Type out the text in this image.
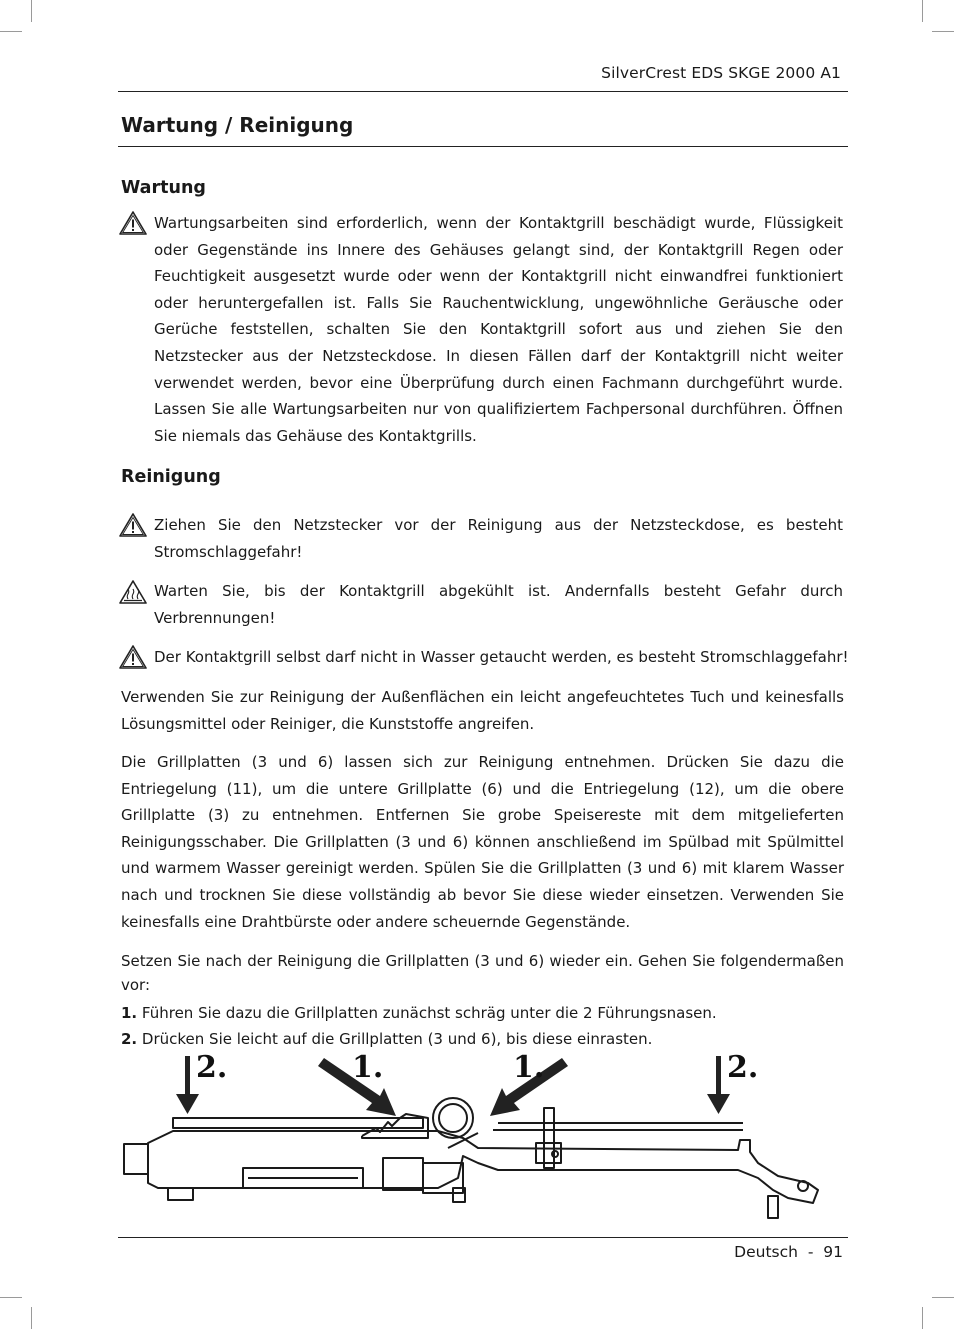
SilverCrest EDS SKGE 2000 A1
Wartung / Reinigung
Wartung

Wartungsarbeiten sind erforderlich, wenn der Kontaktgrill beschädigt wurde, Flüssigkeit oder Gegenstände ins Innere des Gehäuses gelangt sind, der Kontaktgrill Regen oder Feuchtigkeit ausgesetzt wurde oder wenn der Kontaktgrill nicht einwandfrei funktioniert oder heruntergefallen ist. Falls Sie Rauchentwicklung, ungewöhnliche Geräusche oder Gerüche feststellen, schalten Sie den Kontaktgrill sofort aus und ziehen Sie den Netzstecker aus der Netzsteckdose. In diesen Fällen darf der Kontaktgrill nicht weiter verwendet werden, bevor eine Überprüfung durch einen Fachmann durchgeführt wurde. Lassen Sie alle Wartungsarbeiten nur von qualifiziertem Fachpersonal durchführen. Öffnen Sie niemals das Gehäuse des Kontaktgrills.

Reinigung

Ziehen Sie den Netzstecker vor der Reinigung aus der Netzsteckdose, es besteht Stromschlaggefahr!

Warten Sie, bis der Kontaktgrill abgekühlt ist. Andernfalls besteht Gefahr durch Verbrennungen!

Der Kontaktgrill selbst darf nicht in Wasser getaucht werden, es besteht Stromschlaggefahr!

Verwenden Sie zur Reinigung der Außenflächen ein leicht angefeuchtetes Tuch und keinesfalls Lösungsmittel oder Reiniger, die Kunststoffe angreifen.

Die Grillplatten (3 und 6) lassen sich zur Reinigung entnehmen. Drücken Sie dazu die Entriegelung (11), um die untere Grillplatte (6) und die Entriegelung (12), um die obere Grillplatte (3) zu entnehmen. Entfernen Sie grobe Speisereste mit dem mitgelieferten Reinigungsschaber. Die Grillplatten (3 und 6) können anschließend im Spülbad mit Spülmittel und warmem Wasser gereinigt werden. Spülen Sie die Grillplatten (3 und 6) mit klarem Wasser nach und trocknen Sie diese vollständig ab bevor Sie diese wieder einsetzen. Verwenden Sie keinesfalls eine Drahtbürste oder andere scheuernde Gegenstände.

Setzen Sie nach der Reinigung die Grillplatten (3 und 6) wieder ein. Gehen Sie folgendermaßen vor:

1. Führen Sie dazu die Grillplatten zunächst schräg unter die 2 Führungsnasen.
2. Drücken Sie leicht auf die Grillplatten (3 und 6), bis diese einrasten.
2.	1.	1.	2.
Deutsch  -  91
